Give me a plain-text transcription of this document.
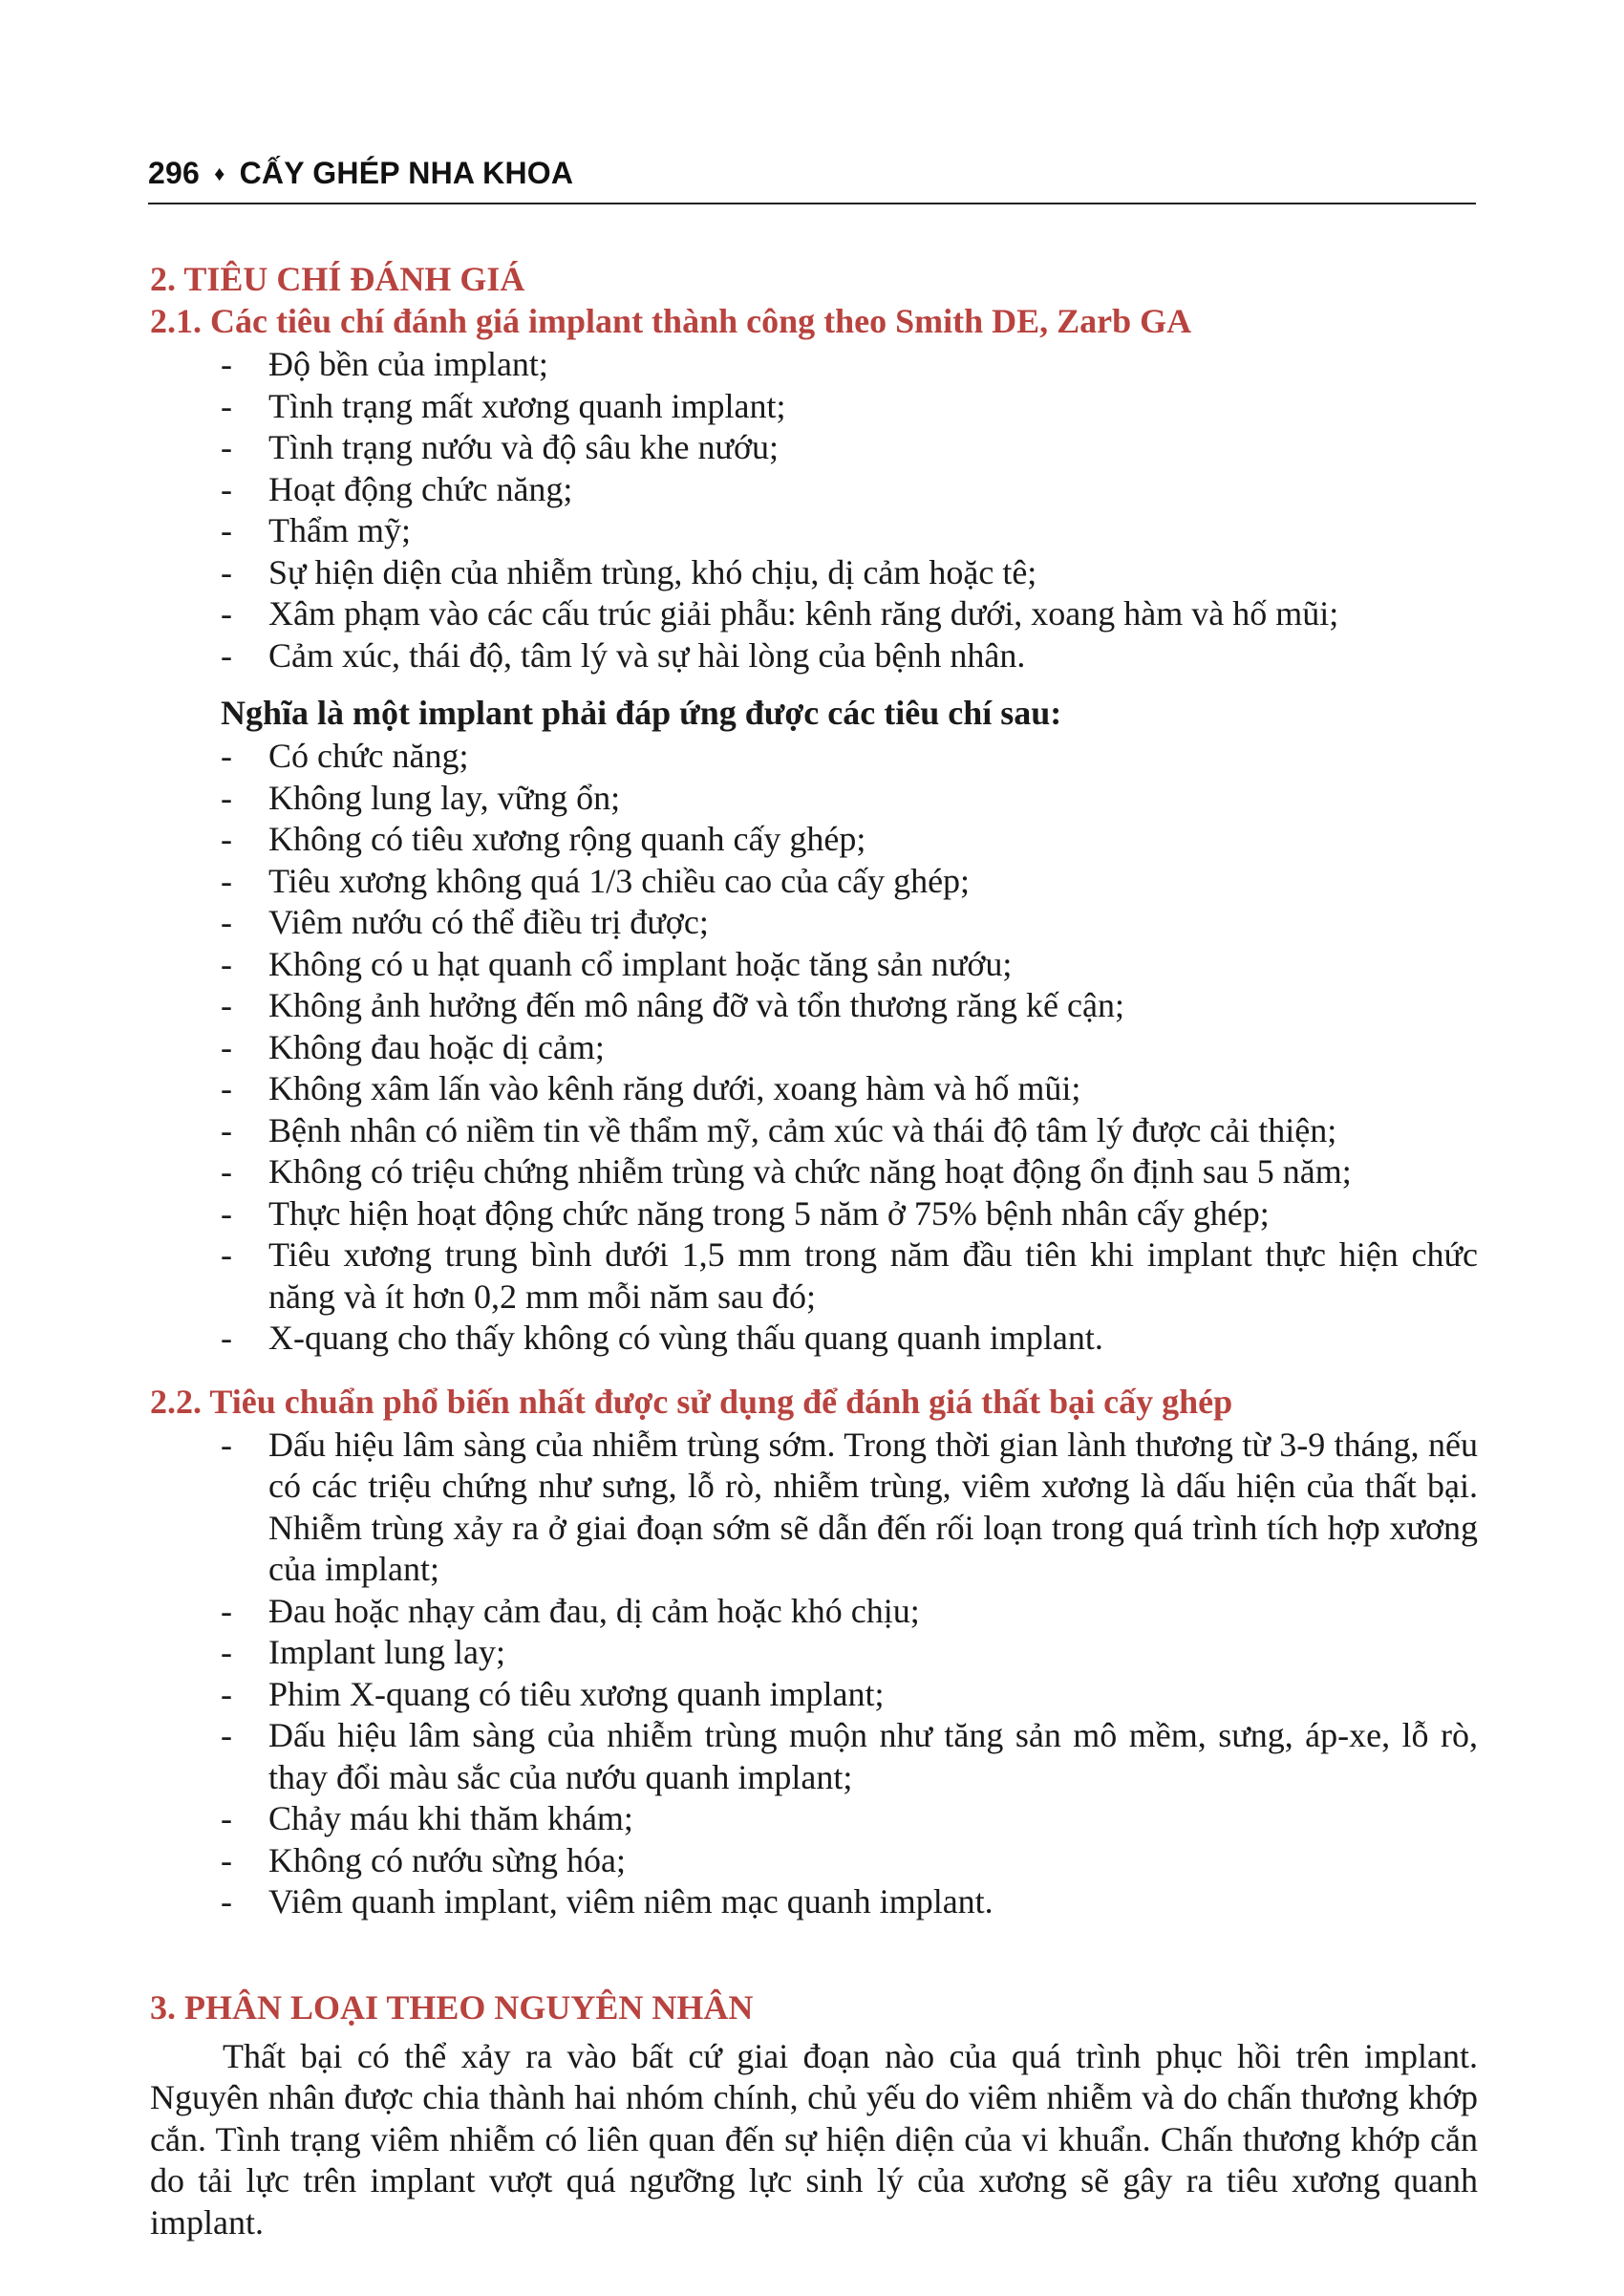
296 ♦ CẤY GHÉP NHA KHOA
2. TIÊU CHÍ ĐÁNH GIÁ
2.1. Các tiêu chí đánh giá implant thành công theo Smith DE, Zarb GA
- Độ bền của implant;
- Tình trạng mất xương quanh implant;
- Tình trạng nướu và độ sâu khe nướu;
- Hoạt động chức năng;
- Thẩm mỹ;
- Sự hiện diện của nhiễm trùng, khó chịu, dị cảm hoặc tê;
- Xâm phạm vào các cấu trúc giải phẫu: kênh răng dưới, xoang hàm và hố mũi;
- Cảm xúc, thái độ, tâm lý và sự hài lòng của bệnh nhân.

Nghĩa là một implant phải đáp ứng được các tiêu chí sau:

- Có chức năng;
- Không lung lay, vững ổn;
- Không có tiêu xương rộng quanh cấy ghép;
- Tiêu xương không quá 1/3 chiều cao của cấy ghép;
- Viêm nướu có thể điều trị được;
- Không có u hạt quanh cổ implant hoặc tăng sản nướu;
- Không ảnh hưởng đến mô nâng đỡ và tổn thương răng kế cận;
- Không đau hoặc dị cảm;
- Không xâm lấn vào kênh răng dưới, xoang hàm và hố mũi;
- Bệnh nhân có niềm tin về thẩm mỹ, cảm xúc và thái độ tâm lý được cải thiện;
- Không có triệu chứng nhiễm trùng và chức năng hoạt động ổn định sau 5 năm;
- Thực hiện hoạt động chức năng trong 5 năm ở 75% bệnh nhân cấy ghép;
- Tiêu xương trung bình dưới 1,5 mm trong năm đầu tiên khi implant thực hiện chức năng và ít hơn 0,2 mm mỗi năm sau đó;
- X-quang cho thấy không có vùng thấu quang quanh implant.
2.2. Tiêu chuẩn phổ biến nhất được sử dụng để đánh giá thất bại cấy ghép
- Dấu hiệu lâm sàng của nhiễm trùng sớm. Trong thời gian lành thương từ 3-9 tháng, nếu có các triệu chứng như sưng, lỗ rò, nhiễm trùng, viêm xương là dấu hiện của thất bại. Nhiễm trùng xảy ra ở giai đoạn sớm sẽ dẫn đến rối loạn trong quá trình tích hợp xương của implant;
- Đau hoặc nhạy cảm đau, dị cảm hoặc khó chịu;
- Implant lung lay;
- Phim X-quang có tiêu xương quanh implant;
- Dấu hiệu lâm sàng của nhiễm trùng muộn như tăng sản mô mềm, sưng, áp-xe, lỗ rò, thay đổi màu sắc của nướu quanh implant;
- Chảy máu khi thăm khám;
- Không có nướu sừng hóa;
- Viêm quanh implant, viêm niêm mạc quanh implant.
3. PHÂN LOẠI THEO NGUYÊN NHÂN

Thất bại có thể xảy ra vào bất cứ giai đoạn nào của quá trình phục hồi trên implant. Nguyên nhân được chia thành hai nhóm chính, chủ yếu do viêm nhiễm và do chấn thương khớp cắn. Tình trạng viêm nhiễm có liên quan đến sự hiện diện của vi khuẩn. Chấn thương khớp cắn do tải lực trên implant vượt quá ngưỡng lực sinh lý của xương sẽ gây ra tiêu xương quanh implant.
